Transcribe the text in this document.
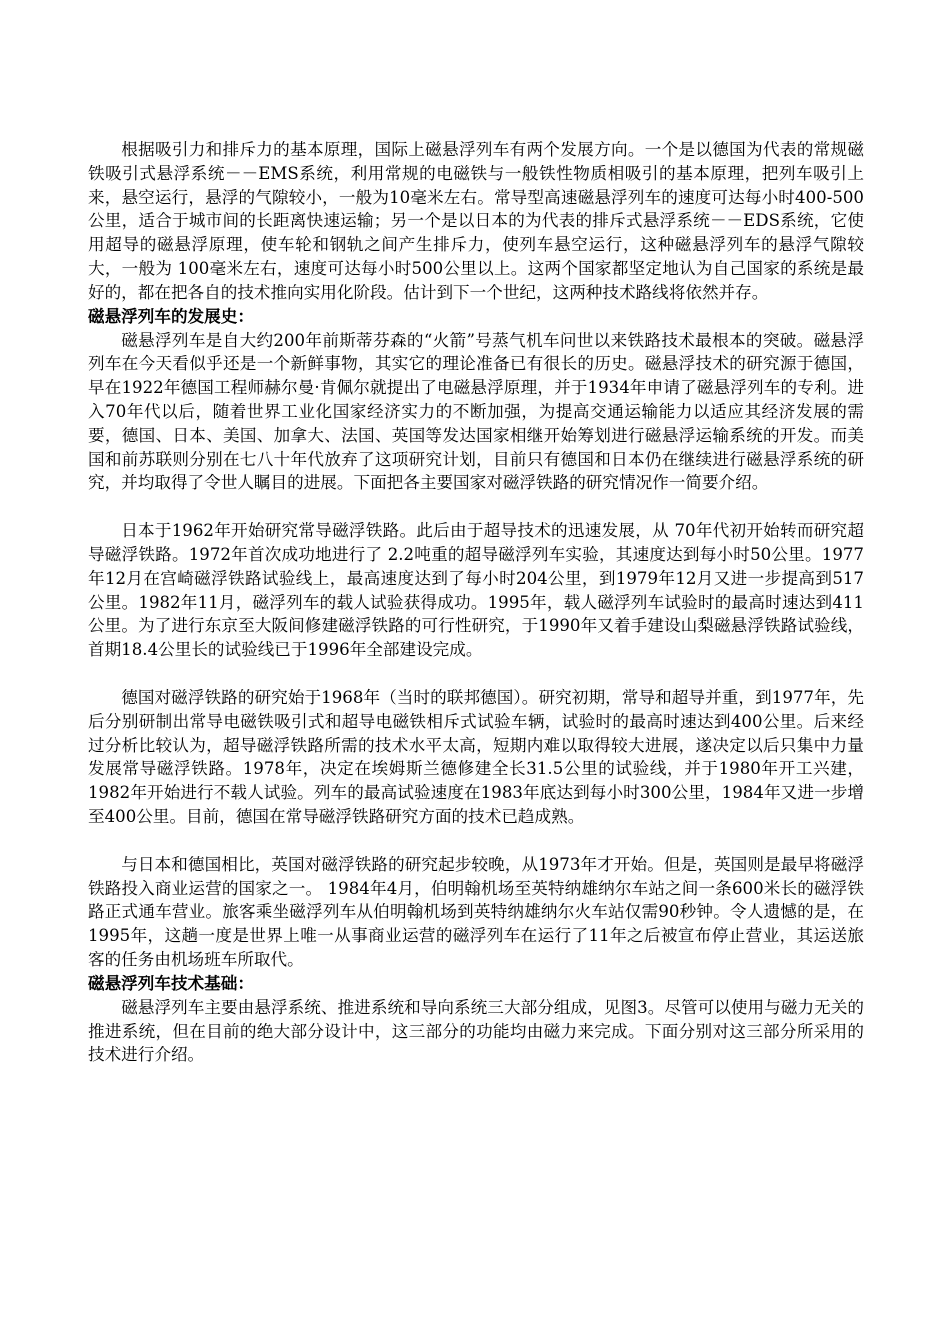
根据吸引力和排斥力的基本原理，国际上磁悬浮列车有两个发展方向。一个是以德国为代表的常规磁铁吸引式悬浮系统－－EMS系统，利用常规的电磁铁与一般铁性物质相吸引的基本原理，把列车吸引上来，悬空运行，悬浮的气隙较小，一般为10毫米左右。常导型高速磁悬浮列车的速度可达每小时400-500公里，适合于城市间的长距离快速运输；另一个是以日本的为代表的排斥式悬浮系统－－EDS系统，它使用超导的磁悬浮原理，使车轮和钢轨之间产生排斥力，使列车悬空运行，这种磁悬浮列车的悬浮气隙较大，一般为 100毫米左右，速度可达每小时500公里以上。这两个国家都坚定地认为自己国家的系统是最好的，都在把各自的技术推向实用化阶段。估计到下一个世纪，这两种技术路线将依然并存。

磁悬浮列车的发展史：

磁悬浮列车是自大约200年前斯蒂芬森的“火箭”号蒸气机车问世以来铁路技术最根本的突破。磁悬浮列车在今天看似乎还是一个新鲜事物，其实它的理论准备已有很长的历史。磁悬浮技术的研究源于德国，早在1922年德国工程师赫尔曼·肯佩尔就提出了电磁悬浮原理，并于1934年申请了磁悬浮列车的专利。进入70年代以后，随着世界工业化国家经济实力的不断加强，为提高交通运输能力以适应其经济发展的需要，德国、日本、美国、加拿大、法国、英国等发达国家相继开始筹划进行磁悬浮运输系统的开发。而美国和前苏联则分别在七八十年代放弃了这项研究计划，目前只有德国和日本仍在继续进行磁悬浮系统的研究，并均取得了令世人瞩目的进展。下面把各主要国家对磁浮铁路的研究情况作一简要介绍。

日本于1962年开始研究常导磁浮铁路。此后由于超导技术的迅速发展，从 70年代初开始转而研究超导磁浮铁路。1972年首次成功地进行了 2.2吨重的超导磁浮列车实验，其速度达到每小时50公里。1977年12月在宫崎磁浮铁路试验线上，最高速度达到了每小时204公里，到1979年12月又进一步提高到517公里。1982年11月，磁浮列车的载人试验获得成功。1995年，载人磁浮列车试验时的最高时速达到411公里。为了进行东京至大阪间修建磁浮铁路的可行性研究，于1990年又着手建设山梨磁悬浮铁路试验线，首期18.4公里长的试验线已于1996年全部建设完成。

德国对磁浮铁路的研究始于1968年（当时的联邦德国）。研究初期，常导和超导并重，到1977年，先后分别研制出常导电磁铁吸引式和超导电磁铁相斥式试验车辆，试验时的最高时速达到400公里。后来经过分析比较认为，超导磁浮铁路所需的技术水平太高，短期内难以取得较大进展，遂决定以后只集中力量发展常导磁浮铁路。1978年，决定在埃姆斯兰德修建全长31.5公里的试验线，并于1980年开工兴建，1982年开始进行不载人试验。列车的最高试验速度在1983年底达到每小时300公里，1984年又进一步增至400公里。目前，德国在常导磁浮铁路研究方面的技术已趋成熟。

与日本和德国相比，英国对磁浮铁路的研究起步较晚，从1973年才开始。但是，英国则是最早将磁浮铁路投入商业运营的国家之一。 1984年4月，伯明翰机场至英特纳雄纳尔车站之间一条600米长的磁浮铁路正式通车营业。旅客乘坐磁浮列车从伯明翰机场到英特纳雄纳尔火车站仅需90秒钟。令人遗憾的是，在1995年，这趟一度是世界上唯一从事商业运营的磁浮列车在运行了11年之后被宣布停止营业，其运送旅客的任务由机场班车所取代。

磁悬浮列车技术基础：

磁悬浮列车主要由悬浮系统、推进系统和导向系统三大部分组成，见图3。尽管可以使用与磁力无关的推进系统，但在目前的绝大部分设计中，这三部分的功能均由磁力来完成。下面分别对这三部分所采用的技术进行介绍。
